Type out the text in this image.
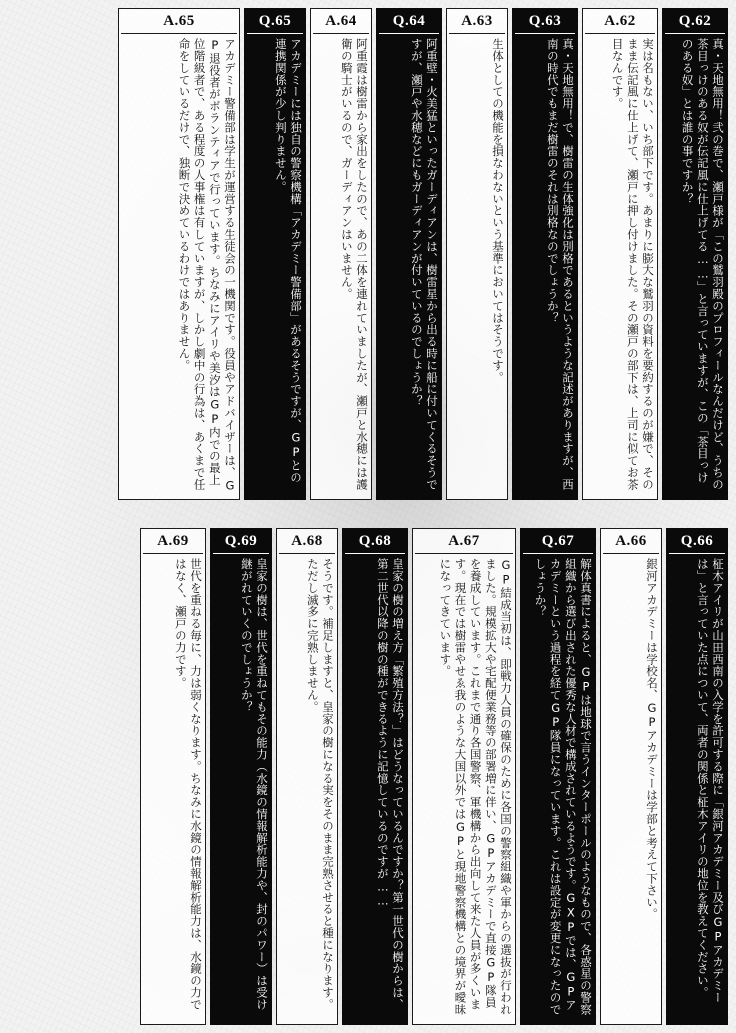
Q.62
真・天地無用！弐の巻で、瀬戸様が「この鷲羽殿のプロフィールなんだけど、うちの茶目っけのある奴が伝記風に仕上げてる……」と言っていますが、この「茶目っけのある奴」とは誰の事ですか？
A.62
実は名もない、いち部下です。あまりに膨大な鷲羽の資料を要約するのが嫌で、そのまま伝記風に仕上げて、瀬戸に押し付けました。その瀬戸の部下は、上司に似てお茶目なんです。
Q.63
真・天地無用！で、樹雷の生体強化は別格であるというような記述がありますが、西南の時代でもまだ樹雷のそれは別格なのでしょうか？
A.63
生体としての機能を損なわないという基準においてはそうです。
Q.64
阿重壁・火美猛といったガーディアンは、樹雷星から出る時に船に付いてくるそうですが、瀬戸や水穂などにもガーディアンが付いているのでしょうか？
A.64
阿重霞は樹雷から家出をしたので、あの二体を連れていましたが、瀬戸と水穂には護衛の騎士がいるので、ガーディアンはいません。
Q.65
アカデミーには独自の警察機構「アカデミー警備部」があるそうですが、GPとの連携関係が少し判りません。
A.65
アカデミー警備部は学生が運営する生徒会の一機関です。役員やアドバイザーは、GP退役者がボランティアで行っています。ちなみにアイリや美汐はGP内での最上位階級者で、ある程度の人事権は有していますが、しかし劇中の行為は、あくまで任命をしているだけで、独断で決めているわけではありません。
Q.66
柾木アイリが山田西南の入学を許可する際に「銀河アカデミー及びGPアカデミーは」と言っていた点について、両者の関係と柾木アイリの地位を教えてください。
A.66
銀河アカデミーは学校名、GPアカデミーは学部と考えて下さい。
Q.67
解体真書によると、GPは地球で言うインターポールのようなもので、各惑星の警察組織から選び出された優秀な人材で構成されているようです。GXPでは、GPアカデミーという過程を経てGP隊員になっています。これは設定が変更になったのでしょうか？
A.67
GP結成当初は、即戦力人員の確保のために各国の警察組織や軍からの選抜が行われました。規模拡大や宅配便業務等の部署増に伴い、GPアカデミーで直接GP隊員を養成しています。これまで通り各国警察、軍機構から出向して来た人員が多くいます。現在では樹雷やせゑ我のような大国以外ではGPと現地警察機構との境界が曖昧になってきています。
Q.68
皇家の樹の増え方「繁殖方法？」はどうなっているんですか？第一世代の樹からは、第二世代以降の樹の種ができるように記憶しているのですが……
A.68
そうです。補足しますと、皇家の樹になる実をそのまま完熟させると種になります。ただし滅多に完熟しません。
Q.69
皇家の樹は、世代を重ねてもその能力（水鏡の情報解析能力や、封のパワー）は受け継がれていくのでしょうか？
A.69
世代を重ねる毎に、力は弱くなります。ちなみに水鏡の情報解析能力は、水鏡の力ではなく、瀬戸の力です。
